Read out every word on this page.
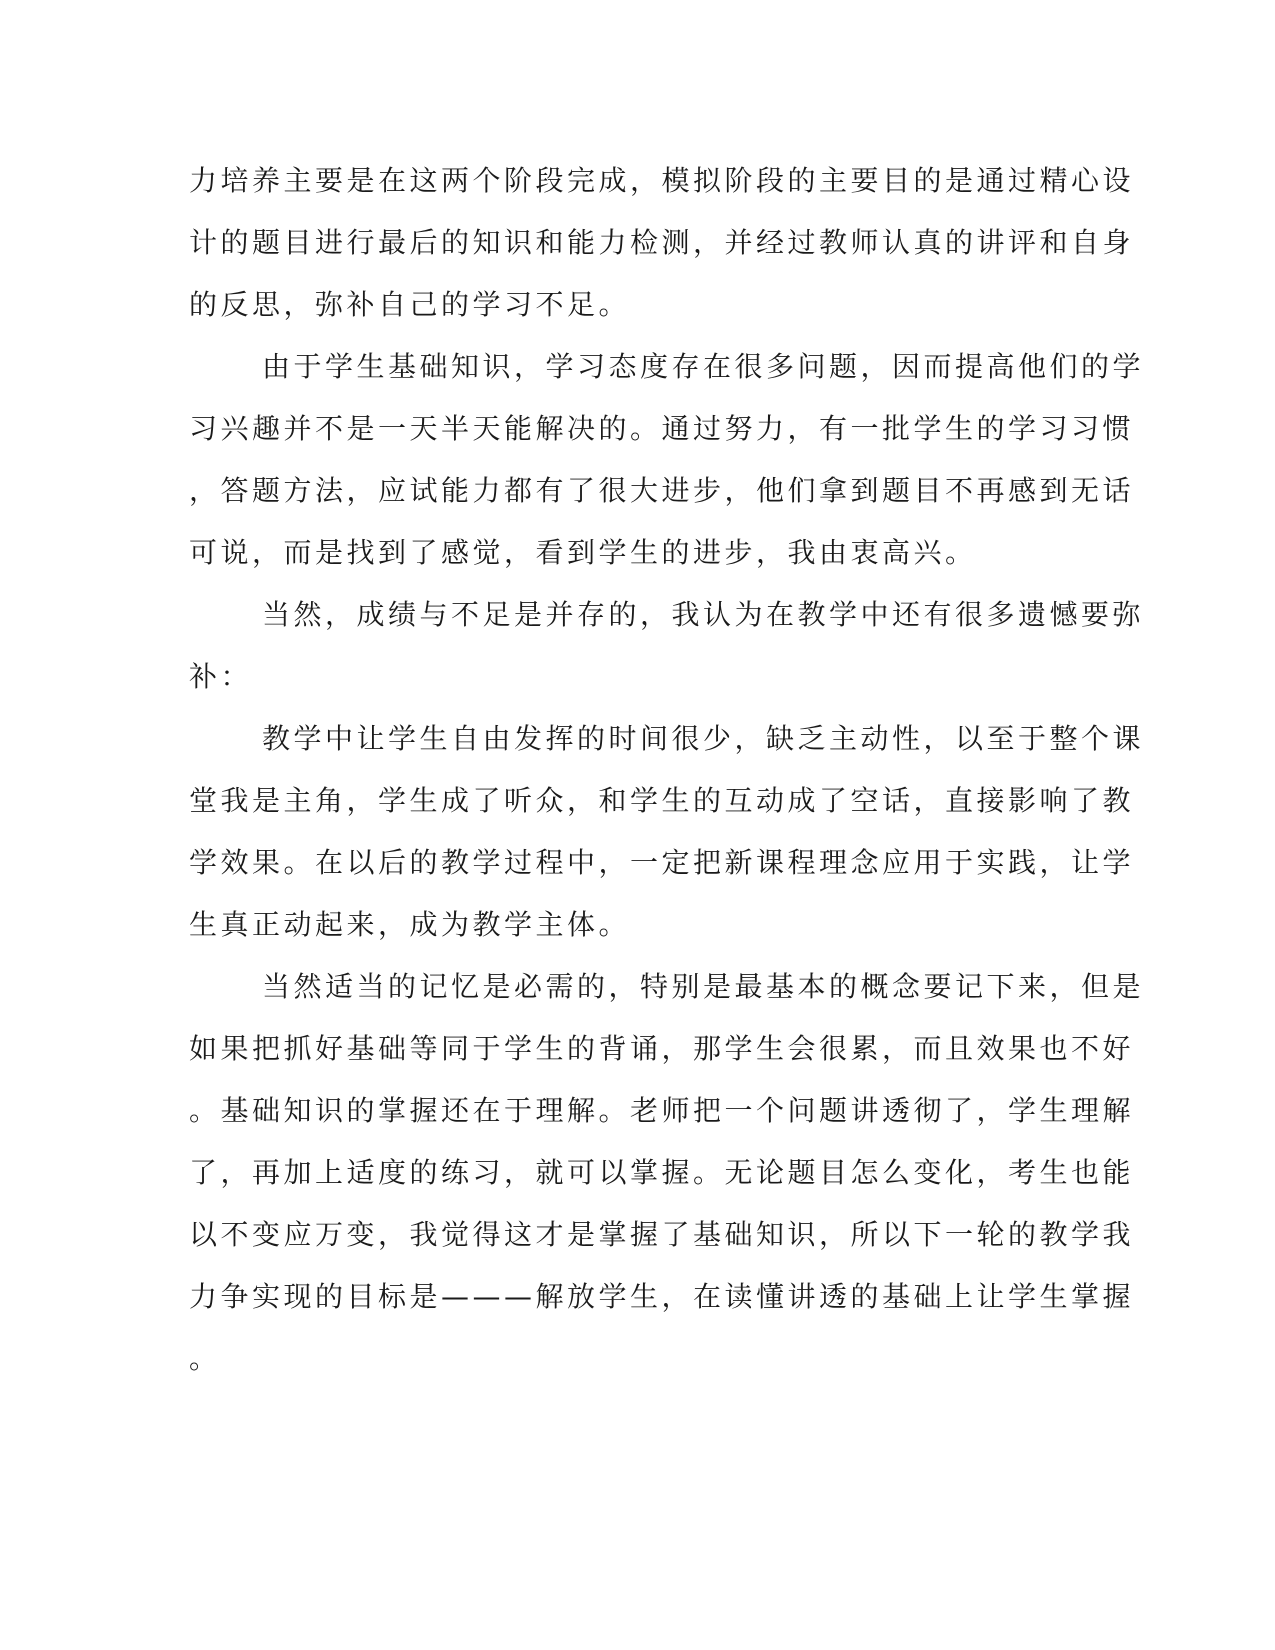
力培养主要是在这两个阶段完成，模拟阶段的主要目的是通过精心设
计的题目进行最后的知识和能力检测，并经过教师认真的讲评和自身
的反思，弥补自己的学习不足。
由于学生基础知识，学习态度存在很多问题，因而提高他们的学
习兴趣并不是一天半天能解决的。通过努力，有一批学生的学习习惯
，答题方法，应试能力都有了很大进步，他们拿到题目不再感到无话
可说，而是找到了感觉，看到学生的进步，我由衷高兴。
当然，成绩与不足是并存的，我认为在教学中还有很多遗憾要弥
补：
教学中让学生自由发挥的时间很少，缺乏主动性，以至于整个课
堂我是主角，学生成了听众，和学生的互动成了空话，直接影响了教
学效果。在以后的教学过程中，一定把新课程理念应用于实践，让学
生真正动起来，成为教学主体。
当然适当的记忆是必需的，特别是最基本的概念要记下来，但是
如果把抓好基础等同于学生的背诵，那学生会很累，而且效果也不好
。基础知识的掌握还在于理解。老师把一个问题讲透彻了，学生理解
了，再加上适度的练习，就可以掌握。无论题目怎么变化，考生也能
以不变应万变，我觉得这才是掌握了基础知识，所以下一轮的教学我
力争实现的目标是———解放学生，在读懂讲透的基础上让学生掌握
。
